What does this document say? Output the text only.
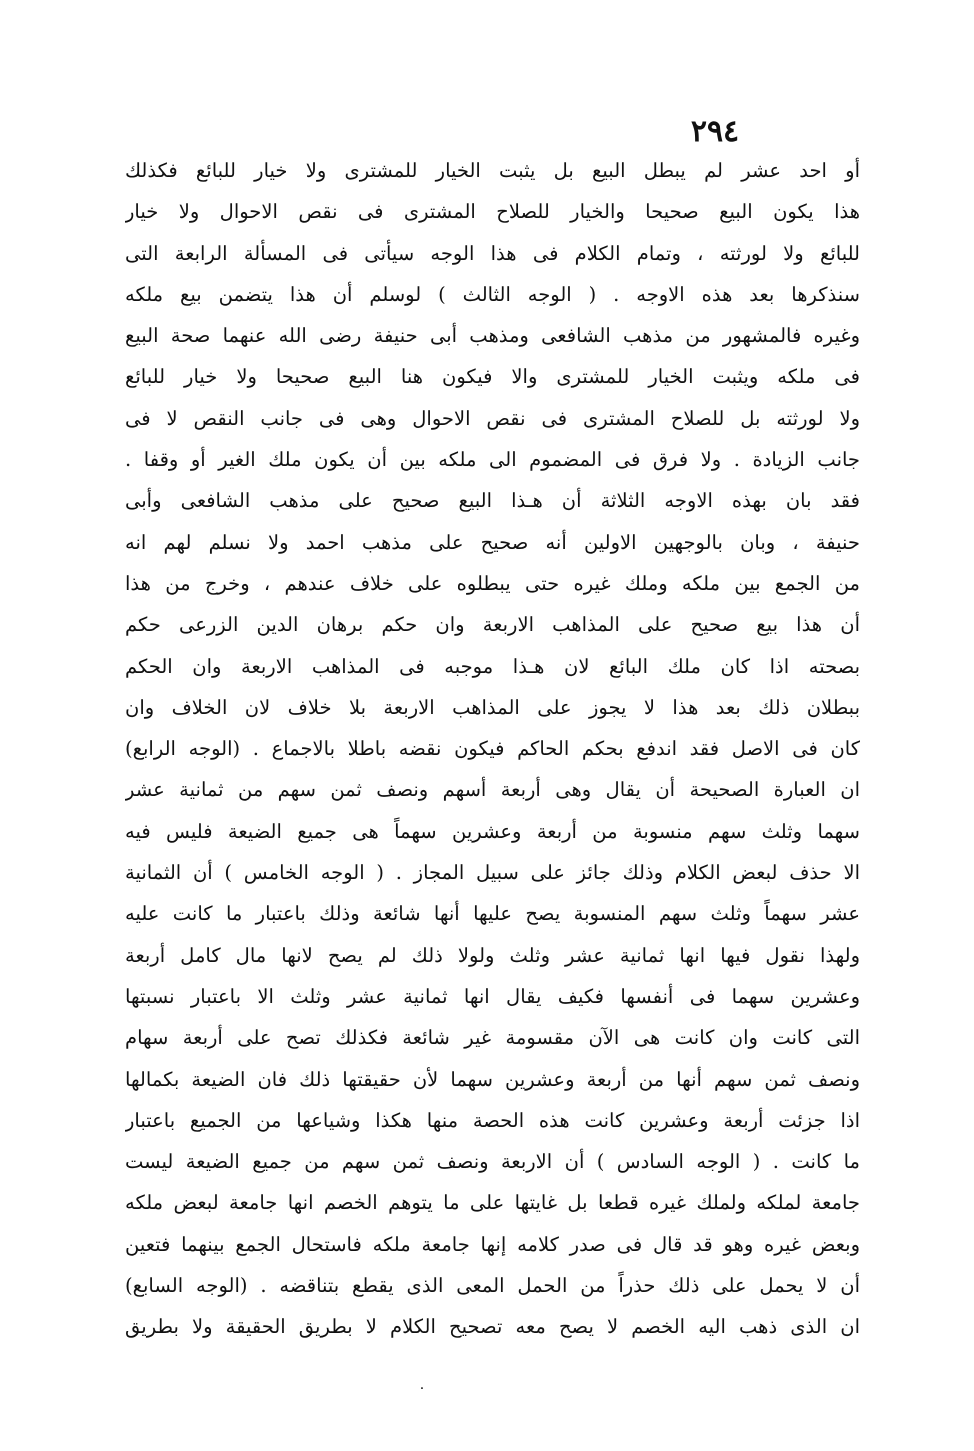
٢٩٤
أو احد عشر لم يبطل البيع بل يثبت الخيار للمشترى ولا خيار للبائع فكذلك
هذا يكون البيع صحيحا والخيار للصلاح المشترى فى نقص الاحوال ولا خيار
للبائع ولا لورثته ، وتمام الكلام فى هذا الوجه سيأتى فى المسألة الرابعة التى
سنذكرها بعد هذه الاوجه . ( الوجه الثالث ) لوسلم أن هذا يتضمن بيع ملكه
وغيره فالمشهور من مذهب الشافعى ومذهب أبى حنيفة رضى الله عنهما صحة البيع
فى ملكه ويثبت الخيار للمشترى والا فيكون هنا البيع صحيحا ولا خيار للبائع
ولا لورثته بل للصلاح المشترى فى نقص الاحوال وهى فى جانب النقص لا فى
جانب الزيادة . ولا فرق فى المضموم الى ملكه بين أن يكون ملك الغير أو وقفا .
فقد بان بهذه الاوجه الثلاثة أن هـذا البيع صحيح على مذهب الشافعى وأبى
حنيفة ، وبان بالوجهين الاولين أنه صحيح على مذهب احمد ولا نسلم لهم انه
من الجمع بين ملكه وملك غيره حتى يبطلوه على خلاف عندهم ، وخرج من هذا
أن هذا بيع صحيح على المذاهب الاربعة وان حكم برهان الدين الزرعى حكم
بصحته اذا كان ملك البائع لان هـذا موجبه فى المذاهب الاربعة وان الحكم
ببطلان ذلك بعد هذا لا يجوز على المذاهب الاربعة بلا خلاف لان الخلاف وان
كان فى الاصل فقد اندفع بحكم الحاكم فيكون نقضه باطلا بالاجماع . (الوجه الرابع)
ان العبارة الصحيحة أن يقال وهى أربعة أسهم ونصف ثمن سهم من ثمانية عشر
سهما وثلث سهم منسوبة من أربعة وعشرين سهماً هى جميع الضيعة فليس فيه
الا حذف لبعض الكلام وذلك جائز على سبيل المجاز . ( الوجه الخامس ) أن الثمانية
عشر سهماً وثلث سهم المنسوبة يصح عليها أنها شائعة وذلك باعتبار ما كانت عليه
ولهذا نقول فيها انها ثمانية عشر وثلث ولولا ذلك لم يصح لانها مال كامل أربعة
وعشرين سهما فى أنفسها فكيف يقال انها ثمانية عشر وثلث الا باعتبار نسبتها
التى كانت وان كانت هى الآن مقسومة غير شائعة فكذلك تصح على أربعة سهام
ونصف ثمن سهم أنها من أربعة وعشرين سهما لأن حقيقتها ذلك فان الضيعة بكمالها
اذا جزئت أربعة وعشرين كانت هذه الحصة منها هكذا وشياعها من الجميع باعتبار
ما كانت . ( الوجه السادس ) أن الاربعة ونصف ثمن سهم من جميع الضيعة ليست
جامعة لملكه ولملك غيره قطعا بل غايتها على ما يتوهم الخصم انها جامعة لبعض ملكه
وبعض غيره وهو قد قال فى صدر كلامه إنها جامعة ملكه فاستحال الجمع بينهما فتعين
أن لا يحمل على ذلك حذراً من الحمل المعى الذى يقطع بتناقضه . (الوجه السابع)
ان الذى ذهب اليه الخصم لا يصح معه تصحيح الكلام لا بطريق الحقيقة ولا بطريق
.
